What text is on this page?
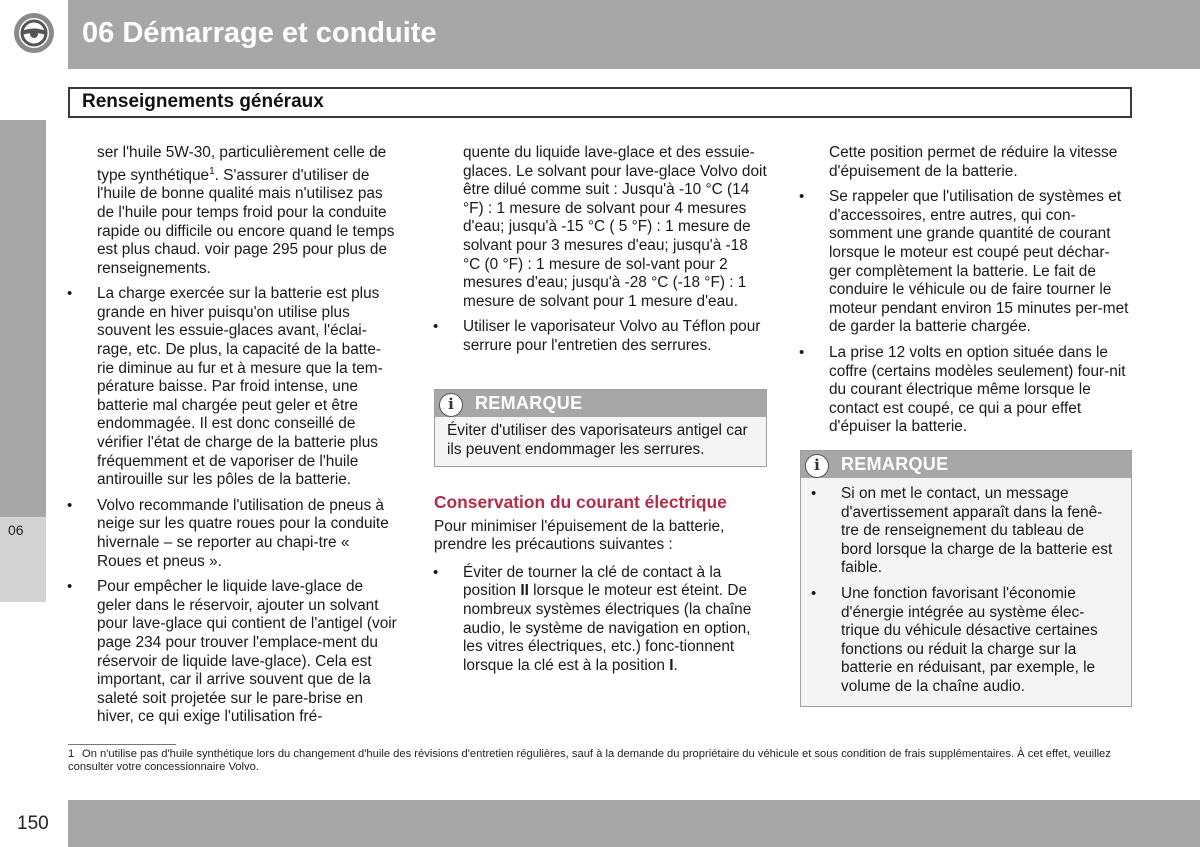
06 Démarrage et conduite
Renseignements généraux
06

ser l'huile 5W-30, particulièrement celle de type synthétique$^1$. S'assurer d'utiliser de l'huile de bonne qualité mais n'utilisez pas de l'huile pour temps froid pour la conduite rapide ou difficile ou encore quand le temps est plus chaud. voir page 295 pour plus de renseignements.

• La charge exercée sur la batterie est plus grande en hiver puisqu'on utilise plus souvent les essuie-glaces avant, l'éclai-rage, etc. De plus, la capacité de la batte-rie diminue au fur et à mesure que la tem-pérature baisse. Par froid intense, une batterie mal chargée peut geler et être endommagée. Il est donc conseillé de vérifier l'état de charge de la batterie plus fréquemment et de vaporiser de l'huile antirouille sur les pôles de la batterie.
• Volvo recommande l'utilisation de pneus à neige sur les quatre roues pour la conduite hivernale – se reporter au chapi-tre « Roues et pneus ».
• Pour empêcher le liquide lave-glace de geler dans le réservoir, ajouter un solvant pour lave-glace qui contient de l'antigel (voir page 234 pour trouver l'emplace-ment du réservoir de liquide lave-glace). Cela est important, car il arrive souvent que de la saleté soit projetée sur le pare-brise en hiver, ce qui exige l'utilisation fré-

quente du liquide lave-glace et des essuie-glaces. Le solvant pour lave-glace Volvo doit être dilué comme suit : Jusqu'à -10 °C (14 °F) : 1 mesure de solvant pour 4 mesures d'eau; jusqu'à -15 °C ( 5 °F) : 1 mesure de solvant pour 3 mesures d'eau; jusqu'à -18 °C (0 °F) : 1 mesure de sol-vant pour 2 mesures d'eau; jusqu'à -28 °C (-18 °F) : 1 mesure de solvant pour 1 mesure d'eau.

• Utiliser le vaporisateur Volvo au Téflon pour serrure pour l'entretien des serrures.
i	REMARQUE
Éviter d'utiliser des vaporisateurs antigel car ils peuvent endommager les serrures.
Conservation du courant électrique

Pour minimiser l'épuisement de la batterie, prendre les précautions suivantes :

• Éviter de tourner la clé de contact à la position II lorsque le moteur est éteint. De nombreux systèmes électriques (la chaîne audio, le système de navigation en option, les vitres électriques, etc.) fonc-tionnent lorsque la clé est à la position I.

Cette position permet de réduire la vitesse d'épuisement de la batterie.

• Se rappeler que l'utilisation de systèmes et d'accessoires, entre autres, qui con-somment une grande quantité de courant lorsque le moteur est coupé peut déchar-ger complètement la batterie. Le fait de conduire le véhicule ou de faire tourner le moteur pendant environ 15 minutes per-met de garder la batterie chargée.
• La prise 12 volts en option située dans le coffre (certains modèles seulement) four-nit du courant électrique même lorsque le contact est coupé, ce qui a pour effet d'épuiser la batterie.
i	REMARQUE
• Si on met le contact, un message d'avertissement apparaît dans la fenê-tre de renseignement du tableau de bord lorsque la charge de la batterie est faible.
• Une fonction favorisant l'économie d'énergie intégrée au système élec-trique du véhicule désactive certaines fonctions ou réduit la charge sur la batterie en réduisant, par exemple, le volume de la chaîne audio.
1 On n'utilise pas d'huile synthétique lors du changement d'huile des révisions d'entretien régulières, sauf à la demande du propriétaire du véhicule et sous condition de frais supplémentaires. À cet effet, veuillez consulter votre concessionnaire Volvo.
150
